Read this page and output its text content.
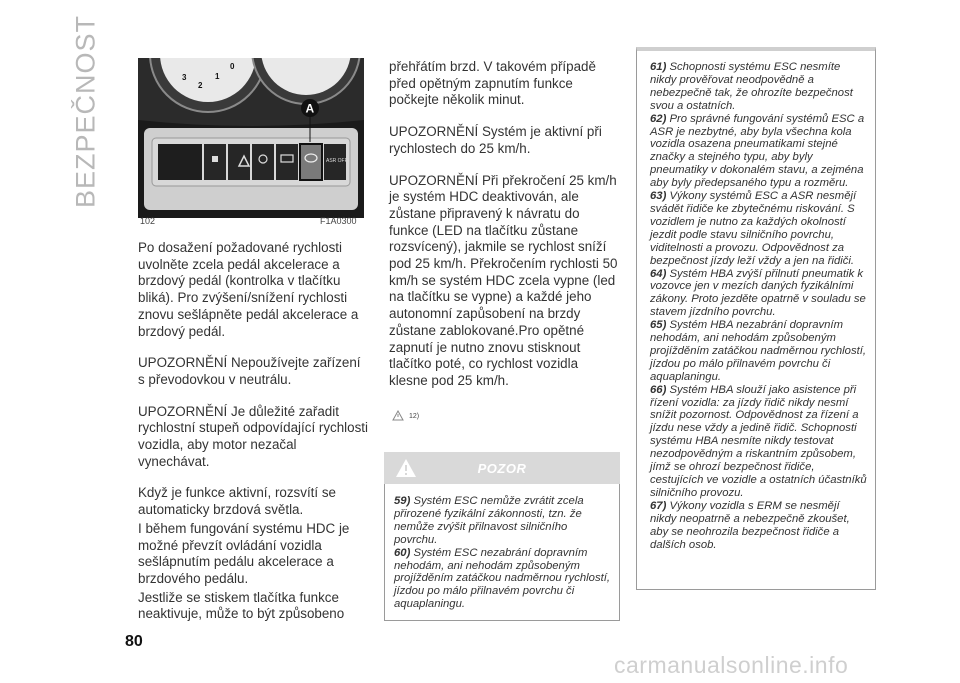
BEZPEČNOST	3
2
1
0
ASR OFF
A
102	F1A0300

Po dosažení požadované rychlosti uvolněte zcela pedál akcelerace a brzdový pedál (kontrolka v tlačítku bliká). Pro zvýšení/snížení rychlosti znovu sešlápněte pedál akcelerace a brzdový pedál.

UPOZORNĚNÍ Nepoužívejte zařízení s převodovkou v neutrálu.

UPOZORNĚNÍ Je důležité zařadit rychlostní stupeň odpovídající rychlosti vozidla, aby motor nezačal vynechávat.

Když je funkce aktivní, rozsvítí se automaticky brzdová světla.

I během fungování systému HDC je možné převzít ovládání vozidla sešlápnutím pedálu akcelerace a brzdového pedálu.

Jestliže se stiskem tlačítka funkce neaktivuje, může to být způsobeno

přehřátím brzd. V takovém případě před opětným zapnutím funkce počkejte několik minut.

UPOZORNĚNÍ Systém je aktivní při rychlostech do 25 km/h.

UPOZORNĚNÍ Při překročení 25 km/h je systém HDC deaktivován, ale zůstane připravený k návratu do funkce (LED na tlačítku zůstane rozsvícený), jakmile se rychlost sníží pod 25 km/h. Překročením rychlosti 50 km/h se systém HDC zcela vypne (led na tlačítku se vypne) a každé jeho autonomní zapůsobení na brzdy zůstane zablokované.Pro opětné zapnutí je nutno znovu stisknout tlačítko poté, co rychlost vozidla klesne pod 25 km/h.

12)
POZOR

59) Systém ESC nemůže zvrátit zcela přirozené fyzikální zákonnosti, tzn. že nemůže zvýšit přilnavost silničního povrchu.

60) Systém ESC nezabrání dopravním nehodám, ani nehodám způsobeným projížděním zatáčkou nadměrnou rychlostí, jízdou po málo přilnavém povrchu či aquaplaningu.

61) Schopnosti systému ESC nesmíte nikdy prověřovat neodpovědně a nebezpečně tak, že ohrozíte bezpečnost svou a ostatních.

62) Pro správné fungování systémů ESC a ASR je nezbytné, aby byla všechna kola vozidla osazena pneumatikami stejné značky a stejného typu, aby byly pneumatiky v dokonalém stavu, a zejména aby byly předepsaného typu a rozměru.

63) Výkony systémů ESC a ASR nesmějí svádět řidiče ke zbytečnému riskování. S vozidlem je nutno za každých okolností jezdit podle stavu silničního povrchu, viditelnosti a provozu. Odpovědnost za bezpečnost jízdy leží vždy a jen na řidiči.

64) Systém HBA zvýší přilnutí pneumatik k vozovce jen v mezích daných fyzikálními zákony. Proto jezděte opatrně v souladu se stavem jízdního povrchu.

65) Systém HBA nezabrání dopravním nehodám, ani nehodám způsobeným projížděním zatáčkou nadměrnou rychlostí, jízdou po málo přilnavém povrchu či aquaplaningu.

66) Systém HBA slouží jako asistence při řízení vozidla: za jízdy řidič nikdy nesmí snížit pozornost. Odpovědnost za řízení a jízdu nese vždy a jedině řidič. Schopnosti systému HBA nesmíte nikdy testovat nezodpovědným a riskantním způsobem, jímž se ohrozí bezpečnost řidiče, cestujících ve vozidle a ostatních účastníků silničního provozu.

67) Výkony vozidla s ERM se nesmějí nikdy neopatrně a nebezpečně zkoušet, aby se neohrozila bezpečnost řidiče a dalších osob.

80
carmanualsonline.info
